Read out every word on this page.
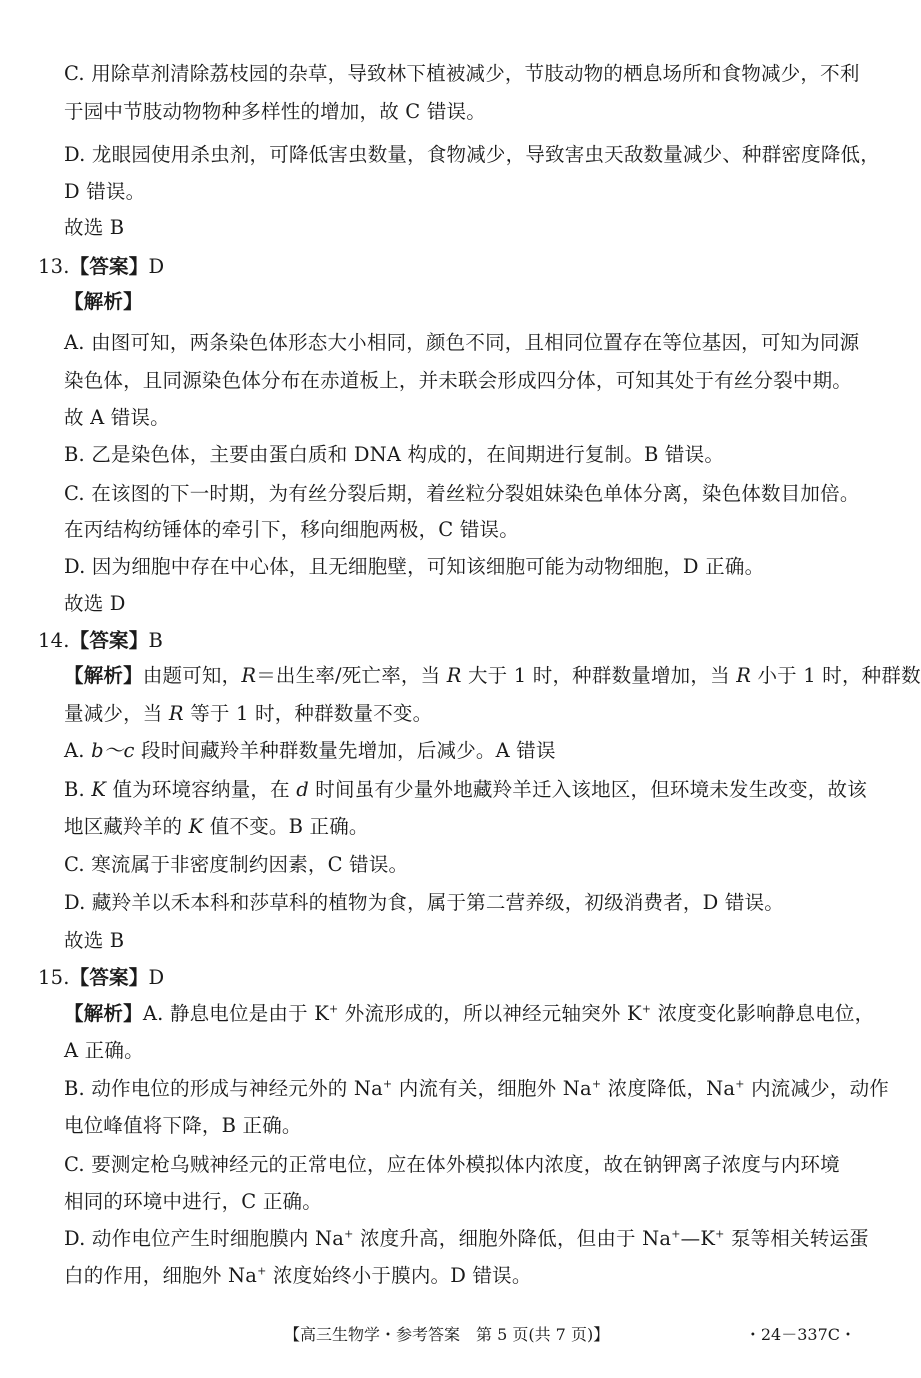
C. 用除草剂清除荔枝园的杂草，导致林下植被减少，节肢动物的栖息场所和食物减少，不利
于园中节肢动物物种多样性的增加，故 C 错误。
D. 龙眼园使用杀虫剂，可降低害虫数量，食物减少，导致害虫天敌数量减少、种群密度降低，
D 错误。
故选 B
13.【答案】D
【解析】
A. 由图可知，两条染色体形态大小相同，颜色不同，且相同位置存在等位基因，可知为同源
染色体，且同源染色体分布在赤道板上，并未联会形成四分体，可知其处于有丝分裂中期。
故 A 错误。
B. 乙是染色体，主要由蛋白质和 DNA 构成的，在间期进行复制。B 错误。
C. 在该图的下一时期，为有丝分裂后期，着丝粒分裂姐妹染色单体分离，染色体数目加倍。
在丙结构纺锤体的牵引下，移向细胞两极，C 错误。
D. 因为细胞中存在中心体，且无细胞壁，可知该细胞可能为动物细胞，D 正确。
故选 D
14.【答案】B
【解析】由题可知，R＝出生率/死亡率，当 R 大于 1 时，种群数量增加，当 R 小于 1 时，种群数
量减少，当 R 等于 1 时，种群数量不变。
A. b～c 段时间藏羚羊种群数量先增加，后减少。A 错误
B. K 值为环境容纳量，在 d 时间虽有少量外地藏羚羊迁入该地区，但环境未发生改变，故该
地区藏羚羊的 K 值不变。B 正确。
C. 寒流属于非密度制约因素，C 错误。
D. 藏羚羊以禾本科和莎草科的植物为食，属于第二营养级，初级消费者，D 错误。
故选 B
15.【答案】D
【解析】A. 静息电位是由于 K+ 外流形成的，所以神经元轴突外 K+ 浓度变化影响静息电位，
A 正确。
B. 动作电位的形成与神经元外的 Na+ 内流有关，细胞外 Na+ 浓度降低，Na+ 内流减少，动作
电位峰值将下降，B 正确。
C. 要测定枪乌贼神经元的正常电位，应在体外模拟体内浓度，故在钠钾离子浓度与内环境
相同的环境中进行，C 正确。
D. 动作电位产生时细胞膜内 Na+ 浓度升高，细胞外降低，但由于 Na+—K+ 泵等相关转运蛋
白的作用，细胞外 Na+ 浓度始终小于膜内。D 错误。
【高三生物学・参考答案　第 5 页(共 7 页)】	・24－337C・
